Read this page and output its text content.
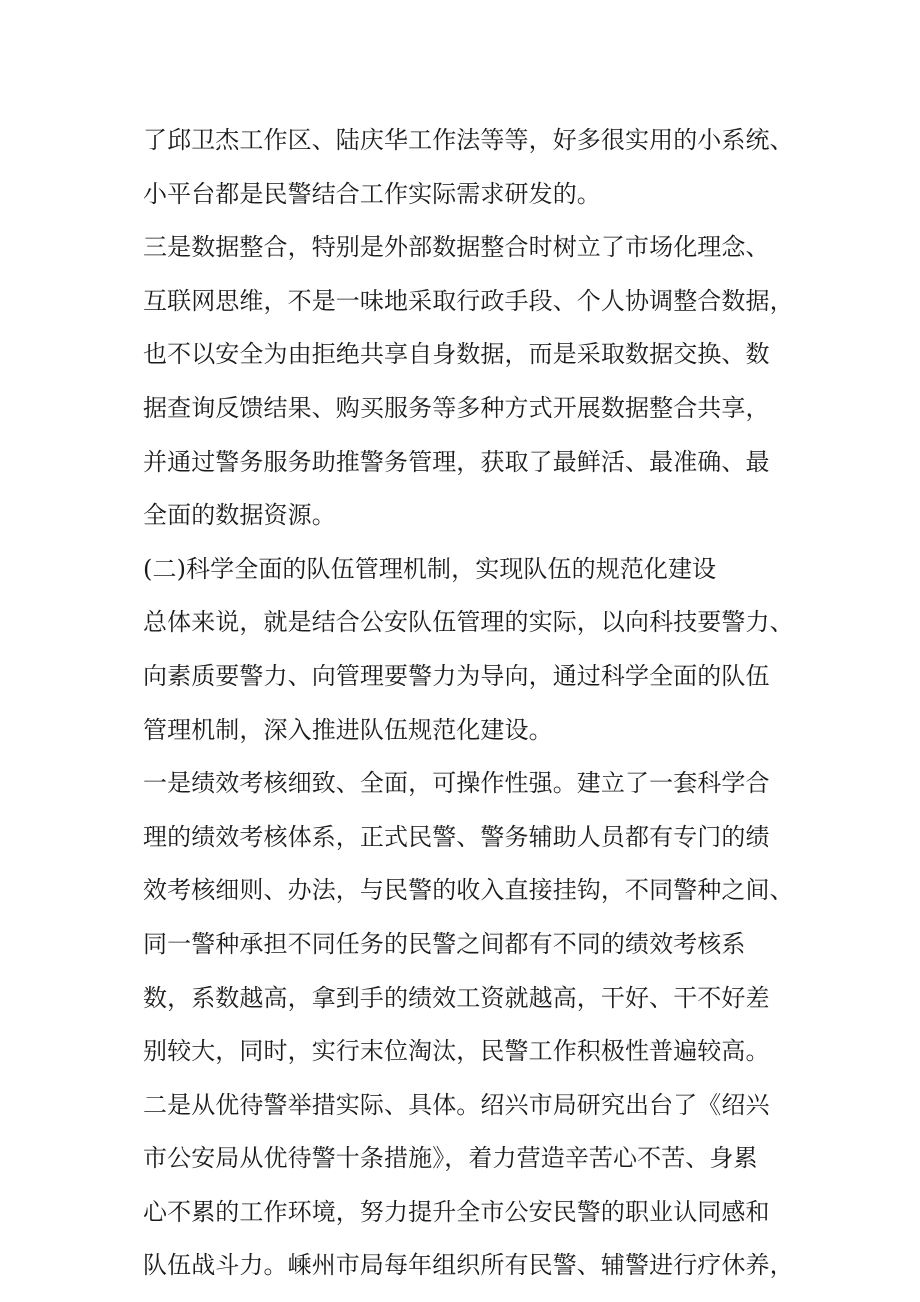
了邱卫杰工作区、陆庆华工作法等等，好多很实用的小系统、
小平台都是民警结合工作实际需求研发的。
三是数据整合，特别是外部数据整合时树立了市场化理念、
互联网思维，不是一味地采取行政手段、个人协调整合数据，
也不以安全为由拒绝共享自身数据，而是采取数据交换、数
据查询反馈结果、购买服务等多种方式开展数据整合共享，
并通过警务服务助推警务管理，获取了最鲜活、最准确、最
全面的数据资源。
(二)科学全面的队伍管理机制，实现队伍的规范化建设
总体来说，就是结合公安队伍管理的实际，以向科技要警力、
向素质要警力、向管理要警力为导向，通过科学全面的队伍
管理机制，深入推进队伍规范化建设。
一是绩效考核细致、全面，可操作性强。建立了一套科学合
理的绩效考核体系，正式民警、警务辅助人员都有专门的绩
效考核细则、办法，与民警的收入直接挂钩，不同警种之间、
同一警种承担不同任务的民警之间都有不同的绩效考核系
数，系数越高，拿到手的绩效工资就越高，干好、干不好差
别较大，同时，实行末位淘汰，民警工作积极性普遍较高。
二是从优待警举措实际、具体。绍兴市局研究出台了《绍兴
市公安局从优待警十条措施》，着力营造辛苦心不苦、身累
心不累的工作环境，努力提升全市公安民警的职业认同感和
队伍战斗力。嵊州市局每年组织所有民警、辅警进行疗休养，
